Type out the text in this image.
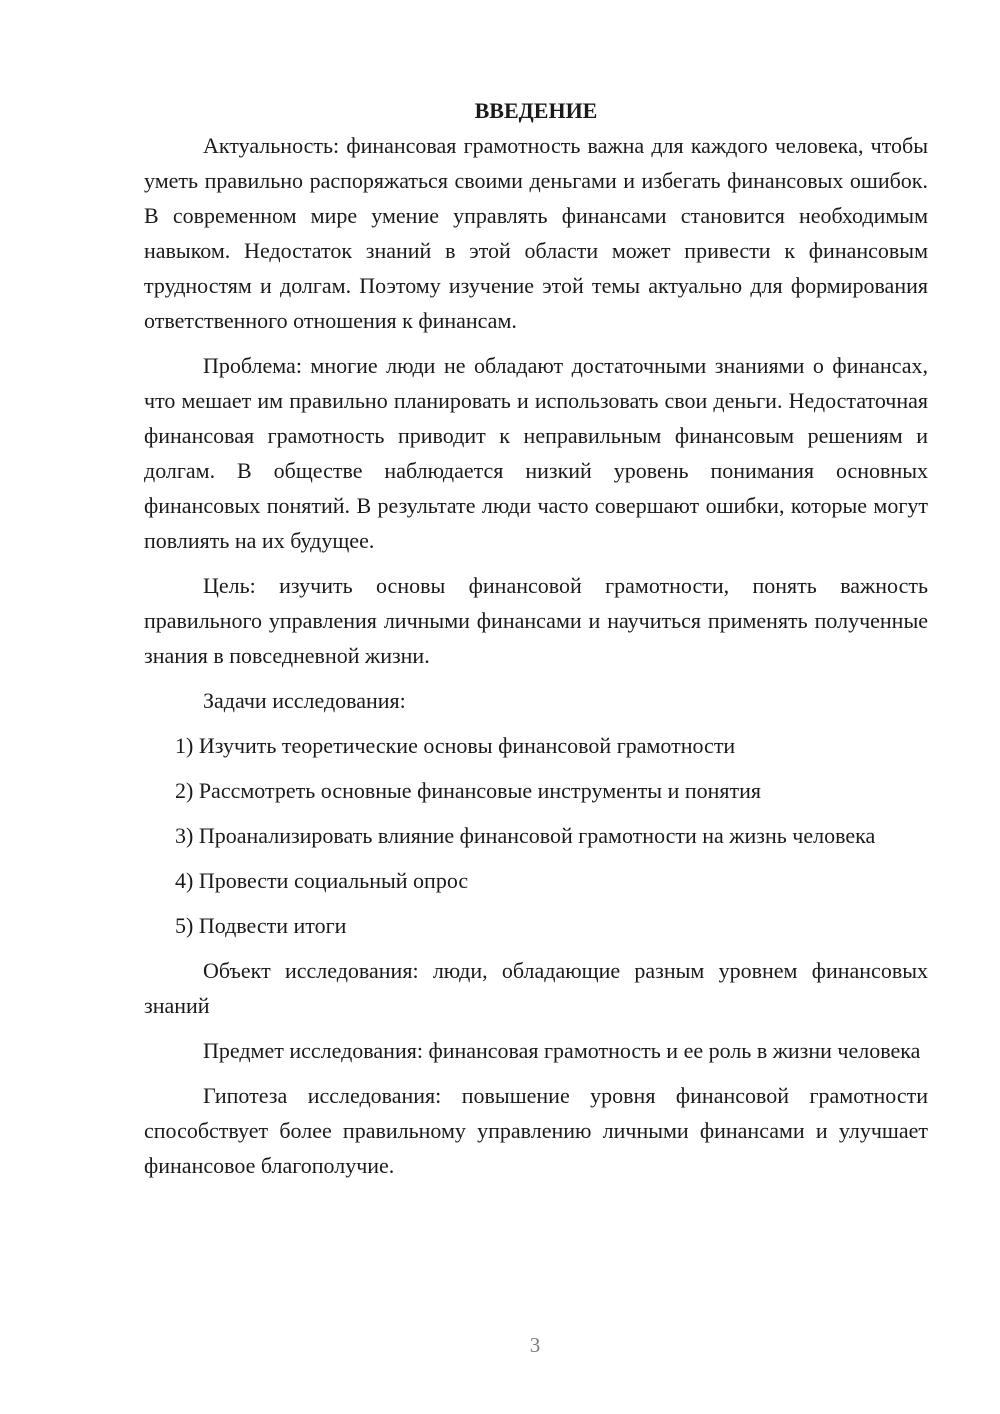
ВВЕДЕНИЕ

Актуальность: финансовая грамотность важна для каждого человека, чтобы уметь правильно распоряжаться своими деньгами и избегать финансовых ошибок. В современном мире умение управлять финансами становится необходимым навыком. Недостаток знаний в этой области может привести к финансовым трудностям и долгам. Поэтому изучение этой темы актуально для формирования ответственного отношения к финансам.

Проблема: многие люди не обладают достаточными знаниями о финансах, что мешает им правильно планировать и использовать свои деньги. Недостаточная финансовая грамотность приводит к неправильным финансовым решениям и долгам. В обществе наблюдается низкий уровень понимания основных финансовых понятий. В результате люди часто совершают ошибки, которые могут повлиять на их будущее.

Цель: изучить основы финансовой грамотности, понять важность правильного управления личными финансами и научиться применять полученные знания в повседневной жизни.

Задачи исследования:

1) Изучить теоретические основы финансовой грамотности

2) Рассмотреть основные финансовые инструменты и понятия

3) Проанализировать влияние финансовой грамотности на жизнь человека

4) Провести социальный опрос

5) Подвести итоги

Объект исследования: люди, обладающие разным уровнем финансовых знаний

Предмет исследования: финансовая грамотность и ее роль в жизни человека

Гипотеза исследования: повышение уровня финансовой грамотности способствует более правильному управлению личными финансами и улучшает финансовое благополучие.

3
